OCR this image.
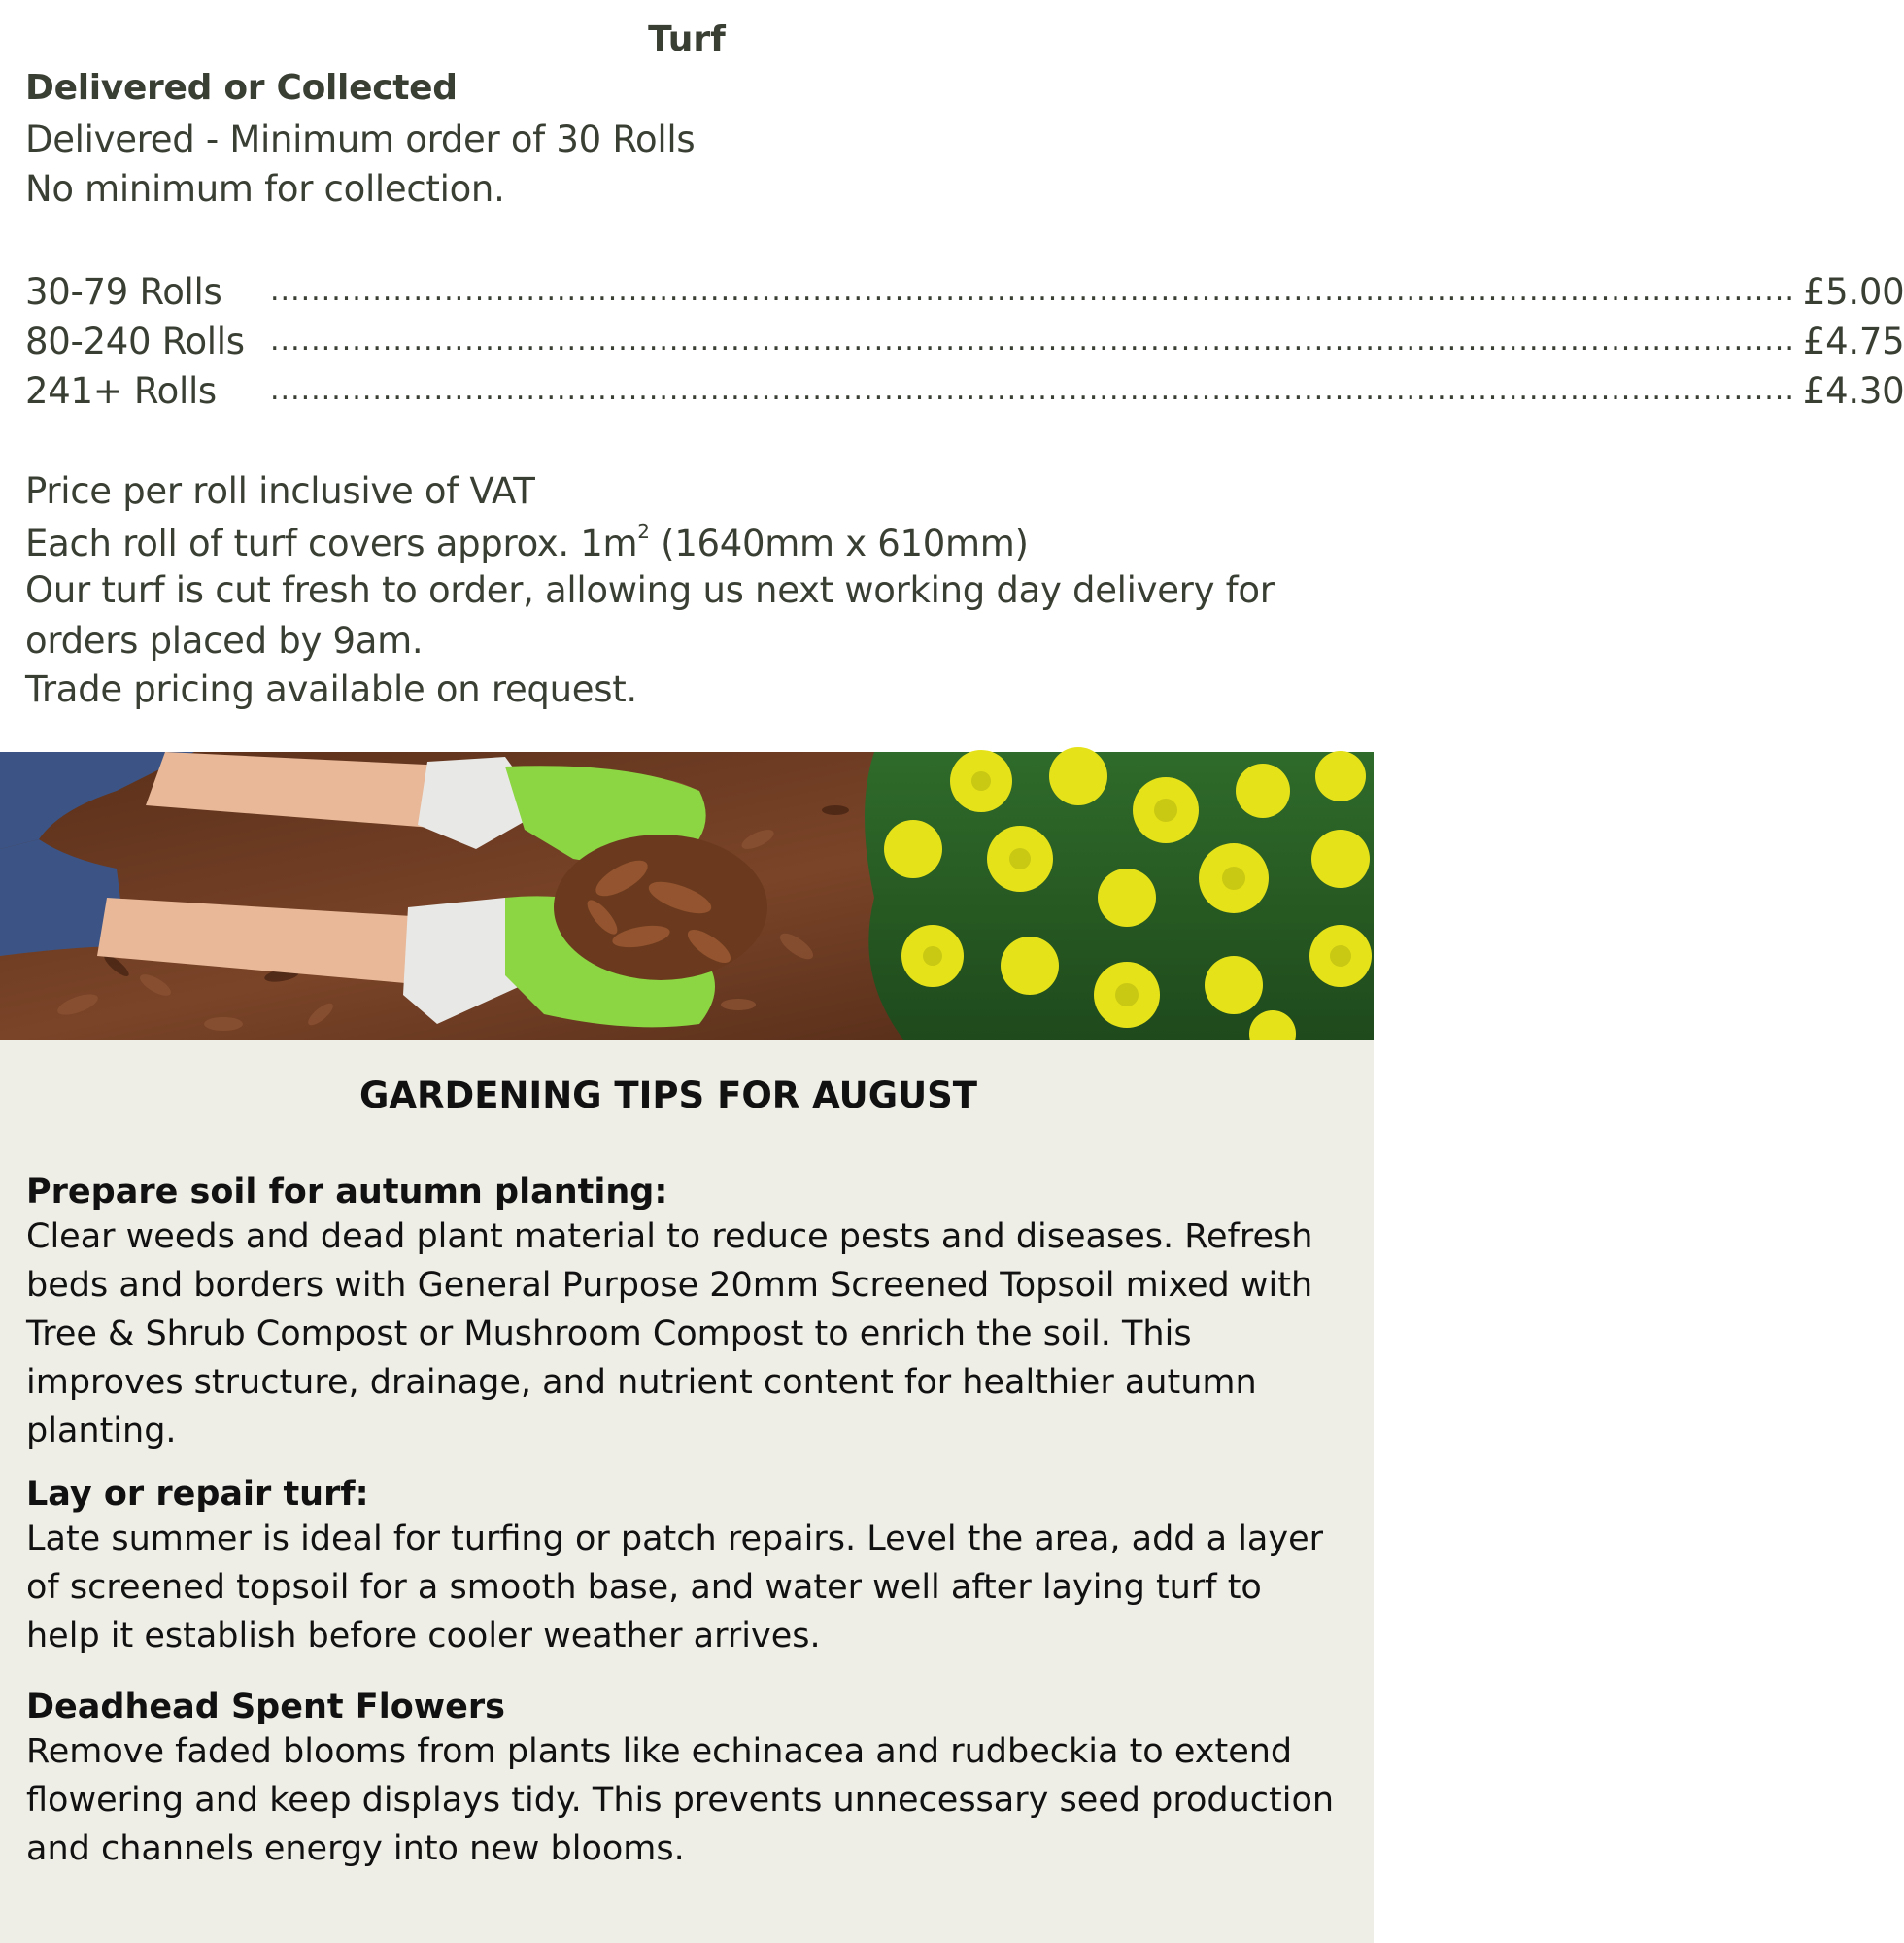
Turf
Delivered or Collected
Delivered - Minimum order of 30 Rolls
No minimum for collection.
30-79 Rolls	..................................................................................................................................................... £5.00
80-240 Rolls ..................................................................................................................................................... £4.75
241+ Rolls	..................................................................................................................................................... £4.30
Price per roll inclusive of VAT
Each roll of turf covers approx. $1m^2$ (1640mm x 610mm)
Our turf is cut fresh to order, allowing us next working day delivery for
orders placed by 9am.
Trade pricing available on request.
GARDENING TIPS FOR AUGUST
Prepare soil for autumn planting:
Clear weeds and dead plant material to reduce pests and diseases. Refresh
beds and borders with General Purpose 20mm Screened Topsoil mixed with
Tree & Shrub Compost or Mushroom Compost to enrich the soil. This
improves structure, drainage, and nutrient content for healthier autumn
planting.
Lay or repair turf:
Late summer is ideal for turfing or patch repairs. Level the area, add a layer
of screened topsoil for a smooth base, and water well after laying turf to
help it establish before cooler weather arrives.
Deadhead Spent Flowers
Remove faded blooms from plants like echinacea and rudbeckia to extend
flowering and keep displays tidy. This prevents unnecessary seed production
and channels energy into new blooms.
